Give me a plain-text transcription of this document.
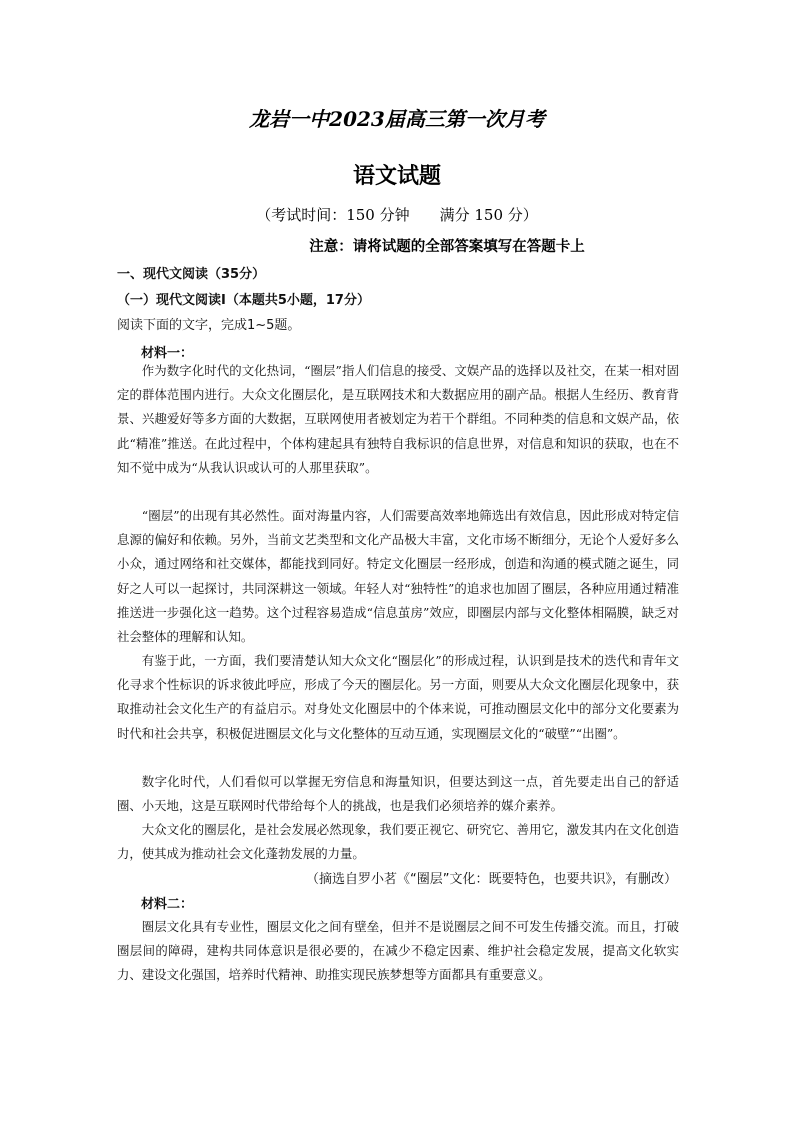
龙岩一中2023届高三第一次月考
语文试题
（考试时间：150 分钟　　满分 150 分）
注意：请将试题的全部答案填写在答题卡上
一、现代文阅读（35分）
（一）现代文阅读Ⅰ（本题共5小题，17分）
阅读下面的文字，完成1~5题。
材料一：

作为数字化时代的文化热词，“圈层”指人们信息的接受、文娱产品的选择以及社交，在某一相对固定的群体范围内进行。大众文化圈层化，是互联网技术和大数据应用的副产品。根据人生经历、教育背景、兴趣爱好等多方面的大数据，互联网使用者被划定为若干个群组。不同种类的信息和文娱产品，依此“精准”推送。在此过程中，个体构建起具有独特自我标识的信息世界，对信息和知识的获取，也在不知不觉中成为“从我认识或认可的人那里获取”。

“圈层”的出现有其必然性。面对海量内容，人们需要高效率地筛选出有效信息，因此形成对特定信息源的偏好和依赖。另外，当前文艺类型和文化产品极大丰富，文化市场不断细分，无论个人爱好多么小众，通过网络和社交媒体，都能找到同好。特定文化圈层一经形成，创造和沟通的模式随之诞生，同好之人可以一起探讨，共同深耕这一领域。年轻人对“独特性”的追求也加固了圈层，各种应用通过精准推送进一步强化这一趋势。这个过程容易造成“信息茧房”效应，即圈层内部与文化整体相隔膜，缺乏对社会整体的理解和认知。

有鉴于此，一方面，我们要清楚认知大众文化“圈层化”的形成过程，认识到是技术的迭代和青年文化寻求个性标识的诉求彼此呼应，形成了今天的圈层化。另一方面，则要从大众文化圈层化现象中，获取推动社会文化生产的有益启示。对身处文化圈层中的个体来说，可推动圈层文化中的部分文化要素为时代和社会共享，积极促进圈层文化与文化整体的互动互通，实现圈层文化的“破壁”“出圈”。

数字化时代，人们看似可以掌握无穷信息和海量知识，但要达到这一点，首先要走出自己的舒适圈、小天地，这是互联网时代带给每个人的挑战，也是我们必须培养的媒介素养。

大众文化的圈层化，是社会发展必然现象，我们要正视它、研究它、善用它，激发其内在文化创造力，使其成为推动社会文化蓬勃发展的力量。

（摘选自罗小茗《“圈层”文化：既要特色，也要共识》，有删改）
材料二：

圈层文化具有专业性，圈层文化之间有壁垒，但并不是说圈层之间不可发生传播交流。而且，打破圈层间的障碍，建构共同体意识是很必要的，在减少不稳定因素、维护社会稳定发展，提高文化软实力、建设文化强国，培养时代精神、助推实现民族梦想等方面都具有重要意义。
